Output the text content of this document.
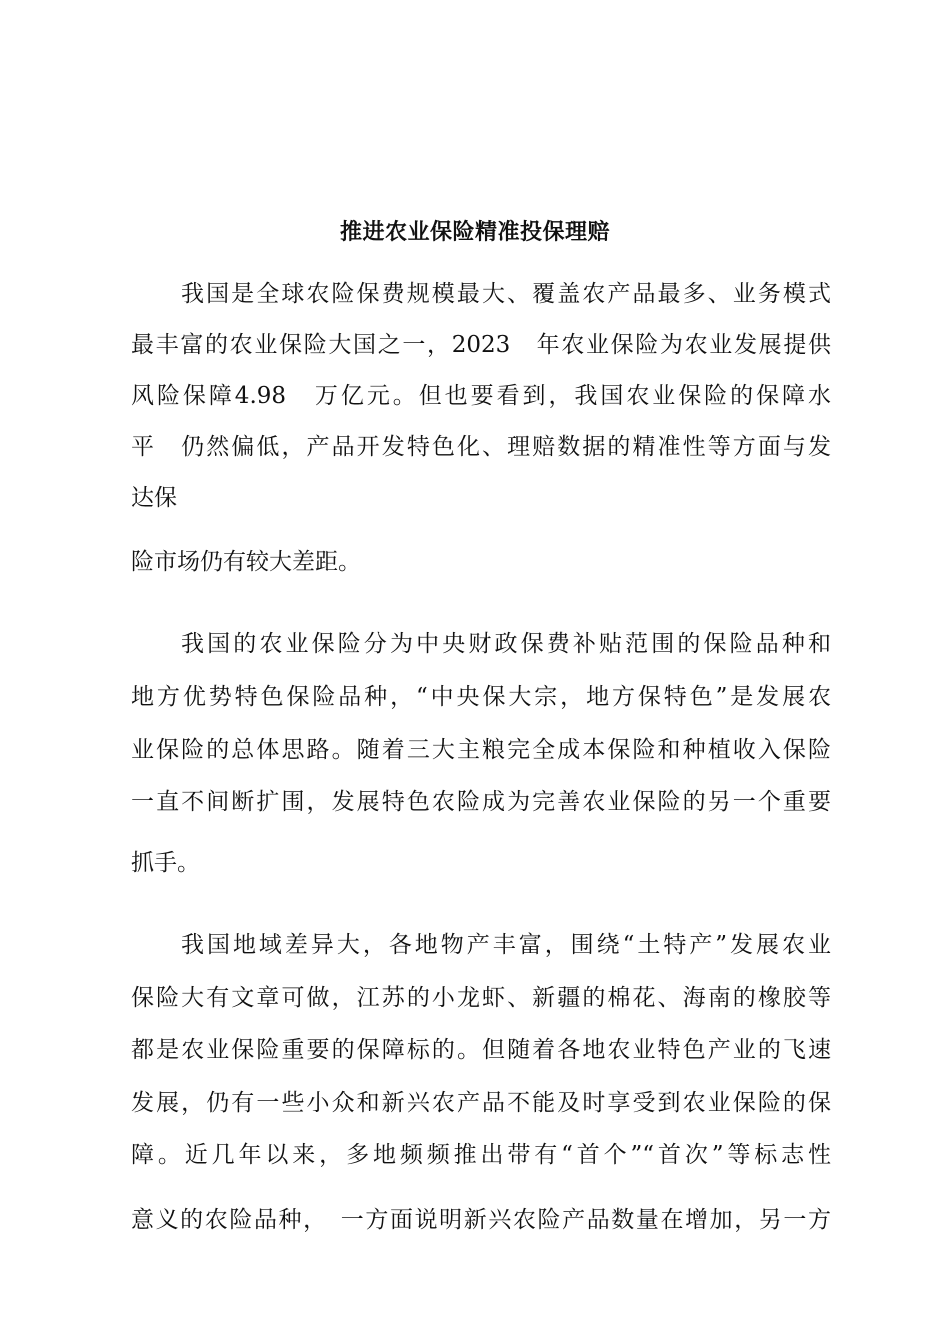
推进农业保险精准投保理赔
我国是全球农险保费规模最大、覆盖农产品最多、业务模式
最丰富的农业保险大国之一，2023　年农业保险为农业发展提供
风险保障4.98　万亿元。但也要看到，我国农业保险的保障水
平　仍然偏低，产品开发特色化、理赔数据的精准性等方面与发
达保
险市场仍有较大差距。
我国的农业保险分为中央财政保费补贴范围的保险品种和
地方优势特色保险品种，“中央保大宗，地方保特色”是发展农
业保险的总体思路。随着三大主粮完全成本保险和种植收入保险
一直不间断扩围，发展特色农险成为完善农业保险的另一个重要
抓手。
我国地域差异大，各地物产丰富，围绕“土特产”发展农业
保险大有文章可做，江苏的小龙虾、新疆的棉花、海南的橡胶等
都是农业保险重要的保障标的。但随着各地农业特色产业的飞速
发展，仍有一些小众和新兴农产品不能及时享受到农业保险的保
障。近几年以来，多地频频推出带有“首个”“首次”等标志性
意义的农险品种，　一方面说明新兴农险产品数量在增加，另一方
